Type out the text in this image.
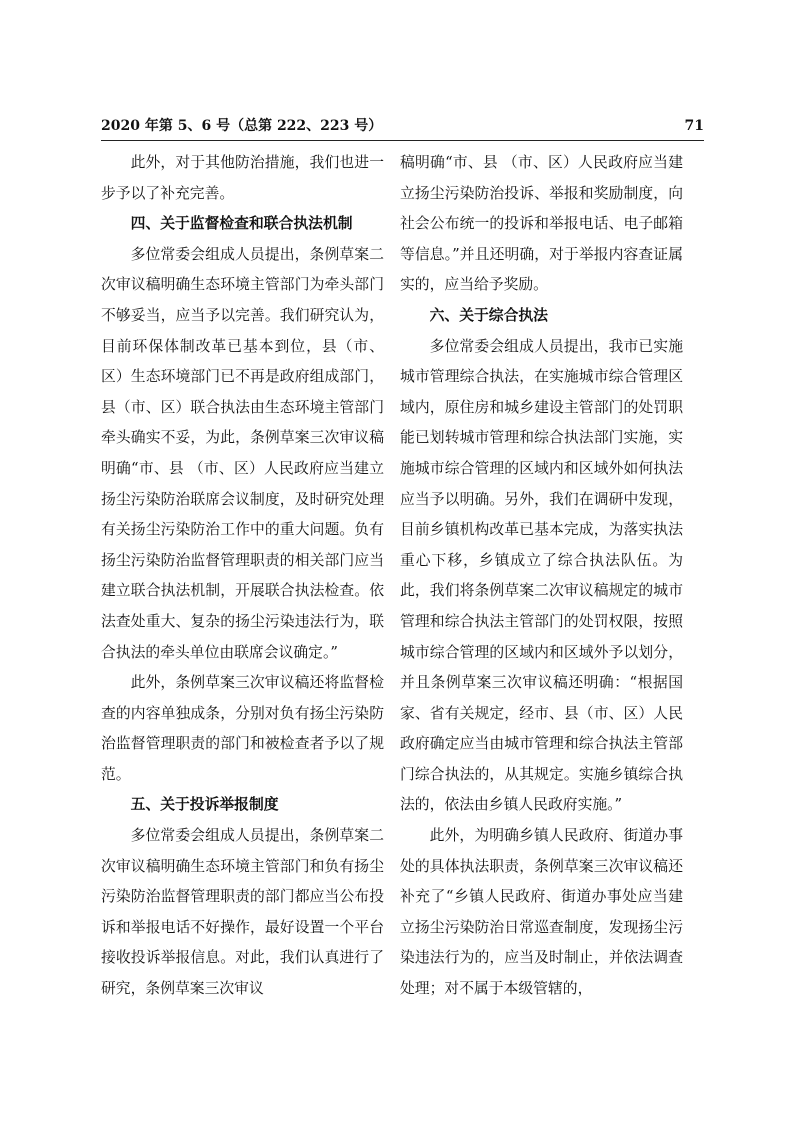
2020 年第 5、6 号（总第 222、223 号）	71

此外，对于其他防治措施，我们也进一步予以了补充完善。

四、关于监督检查和联合执法机制

多位常委会组成人员提出，条例草案二次审议稿明确生态环境主管部门为牵头部门不够妥当，应当予以完善。我们研究认为，目前环保体制改革已基本到位，县（市、区）生态环境部门已不再是政府组成部门，县（市、区）联合执法由生态环境主管部门牵头确实不妥，为此，条例草案三次审议稿明确“市、县 （市、区）人民政府应当建立扬尘污染防治联席会议制度，及时研究处理有关扬尘污染防治工作中的重大问题。负有扬尘污染防治监督管理职责的相关部门应当建立联合执法机制，开展联合执法检查。依法查处重大、复杂的扬尘污染违法行为，联合执法的牵头单位由联席会议确定。”

此外，条例草案三次审议稿还将监督检查的内容单独成条，分别对负有扬尘污染防治监督管理职责的部门和被检查者予以了规范。

五、关于投诉举报制度

多位常委会组成人员提出，条例草案二次审议稿明确生态环境主管部门和负有扬尘污染防治监督管理职责的部门都应当公布投诉和举报电话不好操作，最好设置一个平台接收投诉举报信息。对此，我们认真进行了研究，条例草案三次审议

稿明确“市、县 （市、区）人民政府应当建立扬尘污染防治投诉、举报和奖励制度，向社会公布统一的投诉和举报电话、电子邮箱等信息。”并且还明确，对于举报内容查证属实的，应当给予奖励。

六、关于综合执法

多位常委会组成人员提出，我市已实施城市管理综合执法，在实施城市综合管理区域内，原住房和城乡建设主管部门的处罚职能已划转城市管理和综合执法部门实施，实施城市综合管理的区域内和区域外如何执法应当予以明确。另外，我们在调研中发现，目前乡镇机构改革已基本完成，为落实执法重心下移，乡镇成立了综合执法队伍。为此，我们将条例草案二次审议稿规定的城市管理和综合执法主管部门的处罚权限，按照城市综合管理的区域内和区域外予以划分，并且条例草案三次审议稿还明确：“根据国家、省有关规定，经市、县（市、区）人民政府确定应当由城市管理和综合执法主管部门综合执法的，从其规定。实施乡镇综合执法的，依法由乡镇人民政府实施。”

此外，为明确乡镇人民政府、街道办事处的具体执法职责，条例草案三次审议稿还补充了“乡镇人民政府、街道办事处应当建立扬尘污染防治日常巡查制度，发现扬尘污染违法行为的，应当及时制止，并依法调查处理；对不属于本级管辖的，
